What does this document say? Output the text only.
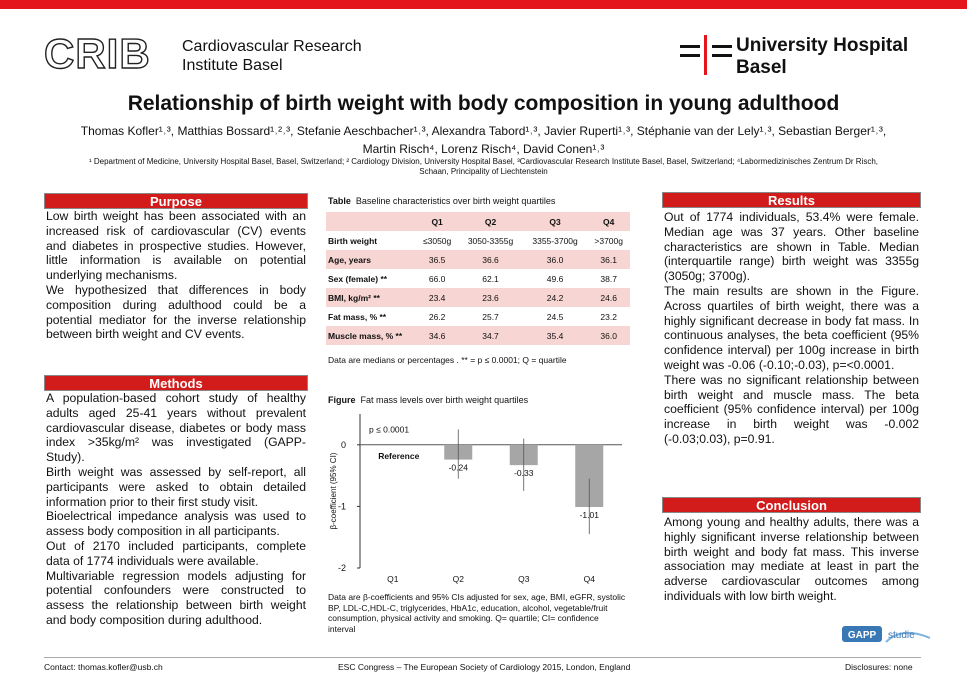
CRIB Cardiovascular Research
Institute Basel
University Hospital
Basel
Relationship of birth weight with body composition in young adulthood
Thomas Kofler¹˒³, Matthias Bossard¹˒²˒³, Stefanie Aeschbacher¹˒³, Alexandra Tabord¹˒³, Javier Ruperti¹˒³, Stéphanie van der Lely¹˒³, Sebastian Berger¹˒³,
Martin Risch⁴, Lorenz Risch⁴, David Conen¹˒³
¹ Department of Medicine, University Hospital Basel, Basel, Switzerland; ² Cardiology Division, University Hospital Basel, ³Cardiovascular Research Institute Basel, Basel, Switzerland; ⁴Labormedizinisches Zentrum Dr Risch,
Schaan, Principality of Liechtenstein
Purpose

Low birth weight has been associated with an increased risk of cardiovascular (CV) events and diabetes in prospective studies. However, little information is available on potential underlying mechanisms.

We hypothesized that differences in body composition during adulthood could be a potential mediator for the inverse relationship between birth weight and CV events.

Methods

A population-based cohort study of healthy adults aged 25-41 years without prevalent cardiovascular disease, diabetes or body mass index >35kg/m² was investigated (GAPP-Study).

Birth weight was assessed by self-report, all participants were asked to obtain detailed information prior to their first study visit.

Bioelectrical impedance analysis was used to assess body composition in all participants.

Out of 2170 included participants, complete data of 1774 individuals were available.

Multivariable regression models adjusting for potential confounders were constructed to assess the relationship between birth weight and body composition during adulthood.

Table Baseline characteristics over birth weight quartiles
	Q1	Q2	Q3	Q4
Birth weight	≤3050g	3050-3355g	3355-3700g	>3700g
Age, years	36.5	36.6	36.0	36.1
Sex (female) **	66.0	62.1	49.6	38.7
BMI, kg/m² **	23.4	23.6	24.2	24.6
Fat mass, % **	26.2	25.7	24.5	23.2
Muscle mass, % **	34.6	34.7	35.4	36.0
Data are medians or percentages . ** = p ≤ 0.0001; Q = quartile
Figure Fat mass levels over birth weight quartiles
0
-1
-2
β-coefficient (95% CI)
p ≤ 0.0001
Reference
Q1
-0.24
Q2
-0.33
Q3
-1.01
Q4
Data are β-coefficients and 95% CIs adjusted for sex, age, BMI, eGFR, systolic BP, LDL-C,HDL-C, triglycerides, HbA1c, education, alcohol, vegetable/fruit consumption, physical activity and smoking. Q= quartile; CI= confidence interval
Results

Out of 1774 individuals, 53.4% were female. Median age was 37 years. Other baseline characteristics are shown in Table. Median (interquartile range) birth weight was 3355g (3050g; 3700g).

The main results are shown in the Figure. Across quartiles of birth weight, there was a highly significant decrease in body fat mass. In continuous analyses, the beta coefficient (95% confidence interval) per 100g increase in birth weight was -0.06 (-0.10;-0.03), p=<0.0001.

There was no significant relationship between birth weight and muscle mass. The beta coefficient (95% confidence interval) per 100g increase in birth weight was -0.002 (-0.03;0.03), p=0.91.

Conclusion

Among young and healthy adults, there was a highly significant inverse relationship between birth weight and body fat mass. This inverse association may mediate at least in part the adverse cardiovascular outcomes among individuals with low birth weight.

GAPP studie
Contact: thomas.kofler@usb.ch	ESC Congress – The European Society of Cardiology 2015, London, England	Disclosures: none
